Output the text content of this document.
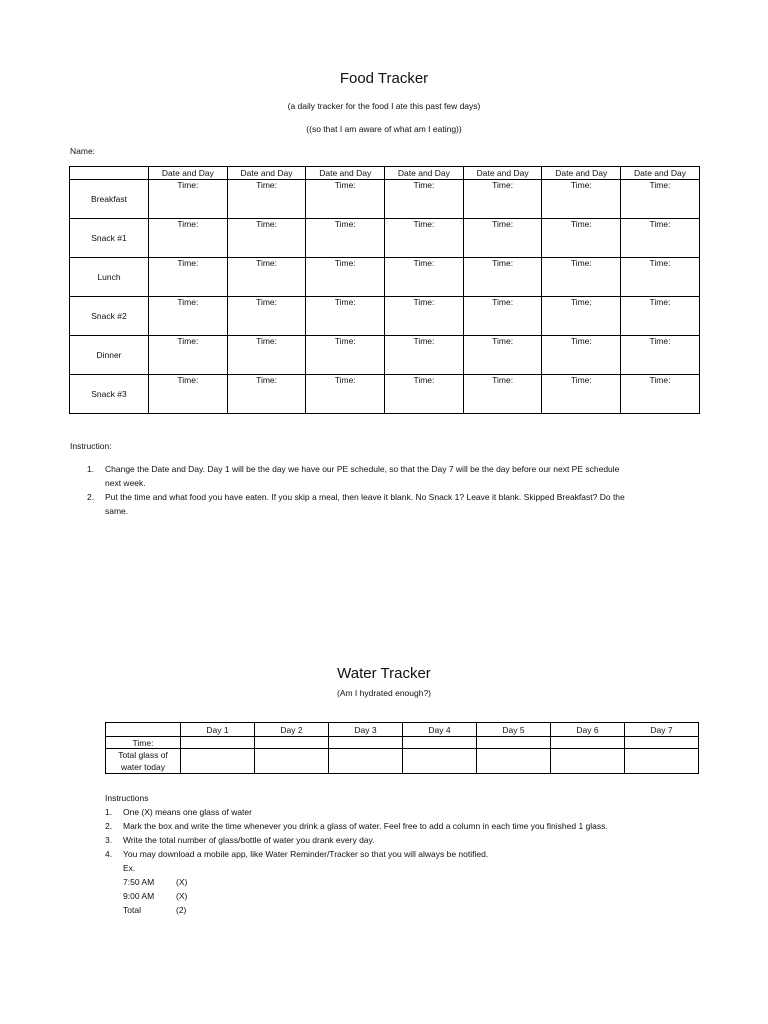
Food Tracker
(a daily tracker for the food I ate this past few days)
((so that I am aware of what am I eating))
Name:
	Date and Day	Date and Day	Date and Day	Date and Day	Date and Day	Date and Day	Date and Day
Breakfast	Time:	Time:	Time:	Time:	Time:	Time:	Time:
Snack #1	Time:	Time:	Time:	Time:	Time:	Time:	Time:
Lunch	Time:	Time:	Time:	Time:	Time:	Time:	Time:
Snack #2	Time:	Time:	Time:	Time:	Time:	Time:	Time:
Dinner	Time:	Time:	Time:	Time:	Time:	Time:	Time:
Snack #3	Time:	Time:	Time:	Time:	Time:	Time:	Time:
Instruction:
1. Change the Date and Day. Day 1 will be the day we have our PE schedule, so that the Day 7 will be the day before our next PE schedule
next week.
2. Put the time and what food you have eaten. If you skip a meal, then leave it blank. No Snack 1? Leave it blank. Skipped Breakfast? Do the
same.
Water Tracker
(Am I hydrated enough?)
	Day 1	Day 2	Day 3	Day 4	Day 5	Day 6	Day 7
Time:							

Total glass of
water today							

Instructions
1. One (X) means one glass of water
2. Mark the box and write the time whenever you drink a glass of water. Feel free to add a column in each time you finished 1 glass.
3. Write the total number of glass/bottle of water you drank every day.
4. You may download a mobile app, like Water Reminder/Tracker so that you will always be notified.
Ex.
7:50 AM	(X)
9:00 AM	(X)
Total	(2)
